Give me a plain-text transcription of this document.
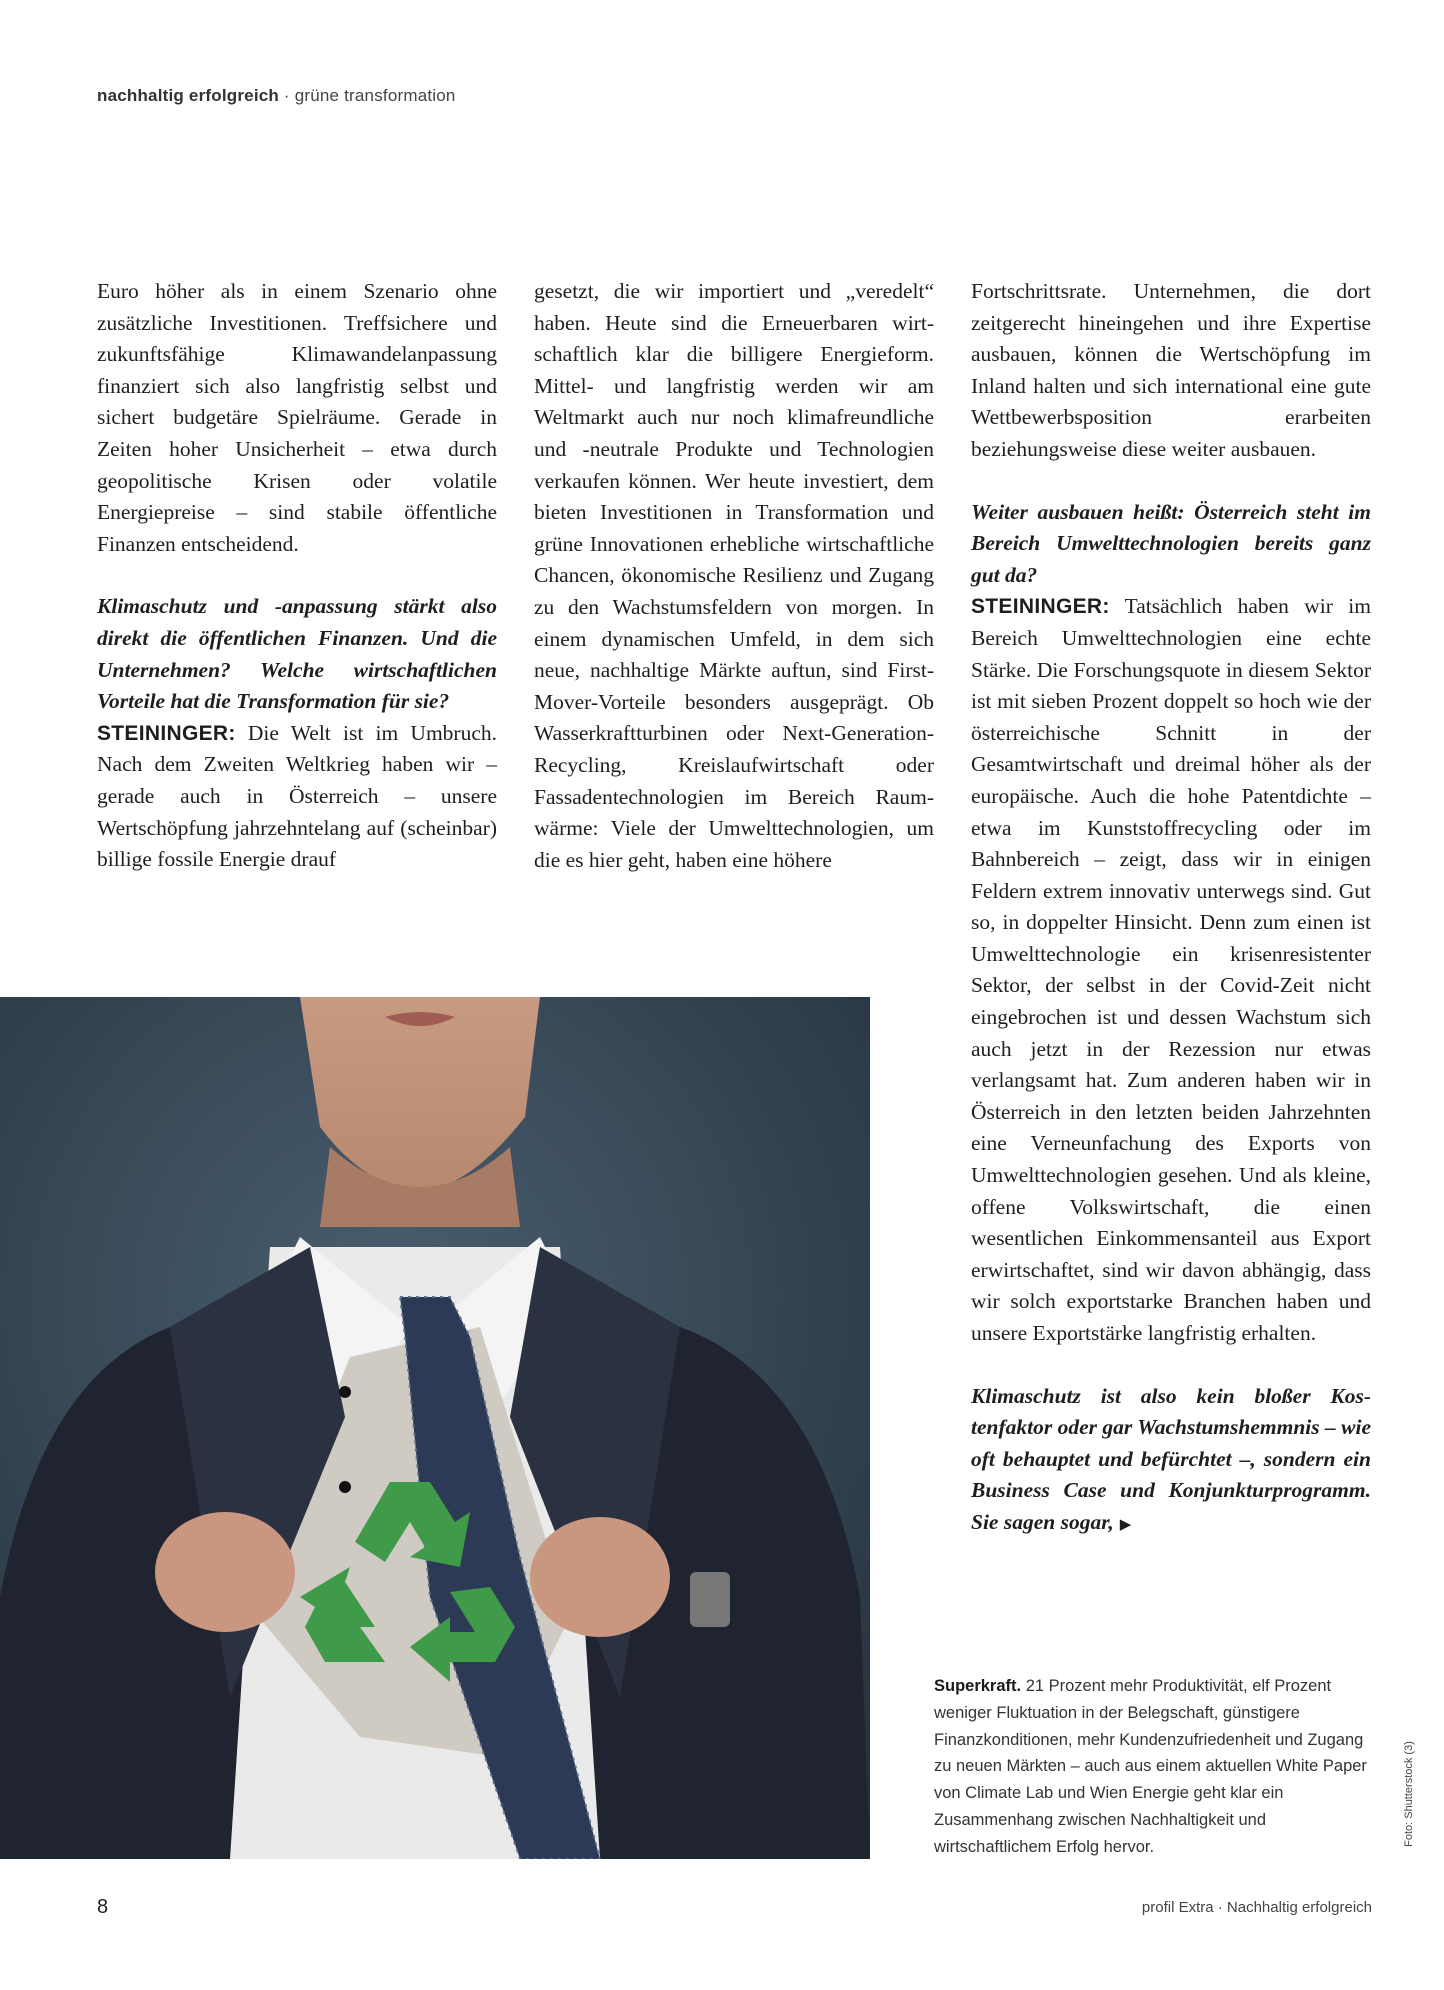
nachhaltig erfolgreich · grüne transformation

Euro höher als in einem Szenario ohne zusätzliche Investitionen. Treffsichere und zukunftsfähige Klimawandelanpassung finanziert sich also langfristig selbst und sichert budgetäre Spielräume. Gerade in Zeiten hoher Unsicherheit – etwa durch geopolitische Krisen oder volatile Energiepreise – sind stabile öffentliche Finanzen entscheidend.

Klimaschutz und -anpassung stärkt also direkt die öffentlichen Finanzen. Und die Unternehmen? Welche wirtschaftlichen Vorteile hat die Transformation für sie?

STEININGER: Die Welt ist im Umbruch. Nach dem Zweiten Weltkrieg haben wir – gerade auch in Österreich – unsere Wertschöpfung jahrzehntelang auf (scheinbar) billige fossile Energie drauf

gesetzt, die wir importiert und „veredelt“ haben. Heute sind die Erneuerbaren wirtschaftlich klar die billigere Energieform. Mittel- und langfristig werden wir am Weltmarkt auch nur noch klimafreundliche und -neutrale Produkte und Technologien verkaufen können. Wer heute investiert, dem bieten Investitionen in Transformation und grüne Innovationen erhebliche wirtschaftliche Chancen, ökonomische Resilienz und Zugang zu den Wachstumsfeldern von morgen. In einem dynamischen Umfeld, in dem sich neue, nachhaltige Märkte auftun, sind First-Mover-Vorteile besonders ausgeprägt. Ob Wasserkraftturbinen oder Next-Generation-Recycling, Kreislaufwirtschaft oder Fassadentechnologien im Bereich Raumwärme: Viele der Umwelttechnologien, um die es hier geht, haben eine höhere

Fortschrittsrate. Unternehmen, die dort zeitgerecht hineingehen und ihre Expertise ausbauen, können die Wertschöpfung im Inland halten und sich international eine gute Wettbewerbsposition erarbeiten beziehungsweise diese weiter ausbauen.

Weiter ausbauen heißt: Österreich steht im Bereich Umwelttechnologien bereits ganz gut da?

STEININGER: Tatsächlich haben wir im Bereich Umwelttechnologien eine echte Stärke. Die Forschungsquote in diesem Sektor ist mit sieben Prozent doppelt so hoch wie der österreichische Schnitt in der Gesamtwirtschaft und dreimal höher als der europäische. Auch die hohe Patentdichte – etwa im Kunststoffrecycling oder im Bahnbereich – zeigt, dass wir in einigen Feldern extrem innovativ unterwegs sind. Gut so, in doppelter Hinsicht. Denn zum einen ist Umwelttechnologie ein krisenresistenter Sektor, der selbst in der Covid-Zeit nicht eingebrochen ist und dessen Wachstum sich auch jetzt in der Rezession nur etwas verlangsamt hat. Zum anderen haben wir in Österreich in den letzten beiden Jahrzehnten eine Verneunfachung des Exports von Umwelttechnologien gesehen. Und als kleine, offene Volkswirtschaft, die einen wesentlichen Einkommensanteil aus Export erwirtschaftet, sind wir davon abhängig, dass wir solch exportstarke Branchen haben und unsere Exportstärke langfristig erhalten.

Klimaschutz ist also kein bloßer Kostenfaktor oder gar Wachstumshemmnis – wie oft behauptet und befürchtet –, sondern ein Business Case und Konjunkturprogramm. Sie sagen sogar, ▶

Superkraft. 21 Prozent mehr Produktivität, elf Prozent weniger Fluktuation in der Belegschaft, günstigere Finanzkonditionen, mehr Kundenzufriedenheit und Zugang zu neuen Märkten – auch aus einem aktuellen White Paper von Climate Lab und Wien Energie geht klar ein Zusammenhang zwischen Nachhaltigkeit und wirtschaftlichem Erfolg hervor.	Foto: Shutterstock (3)
8	profil Extra · Nachhaltig erfolgreich
